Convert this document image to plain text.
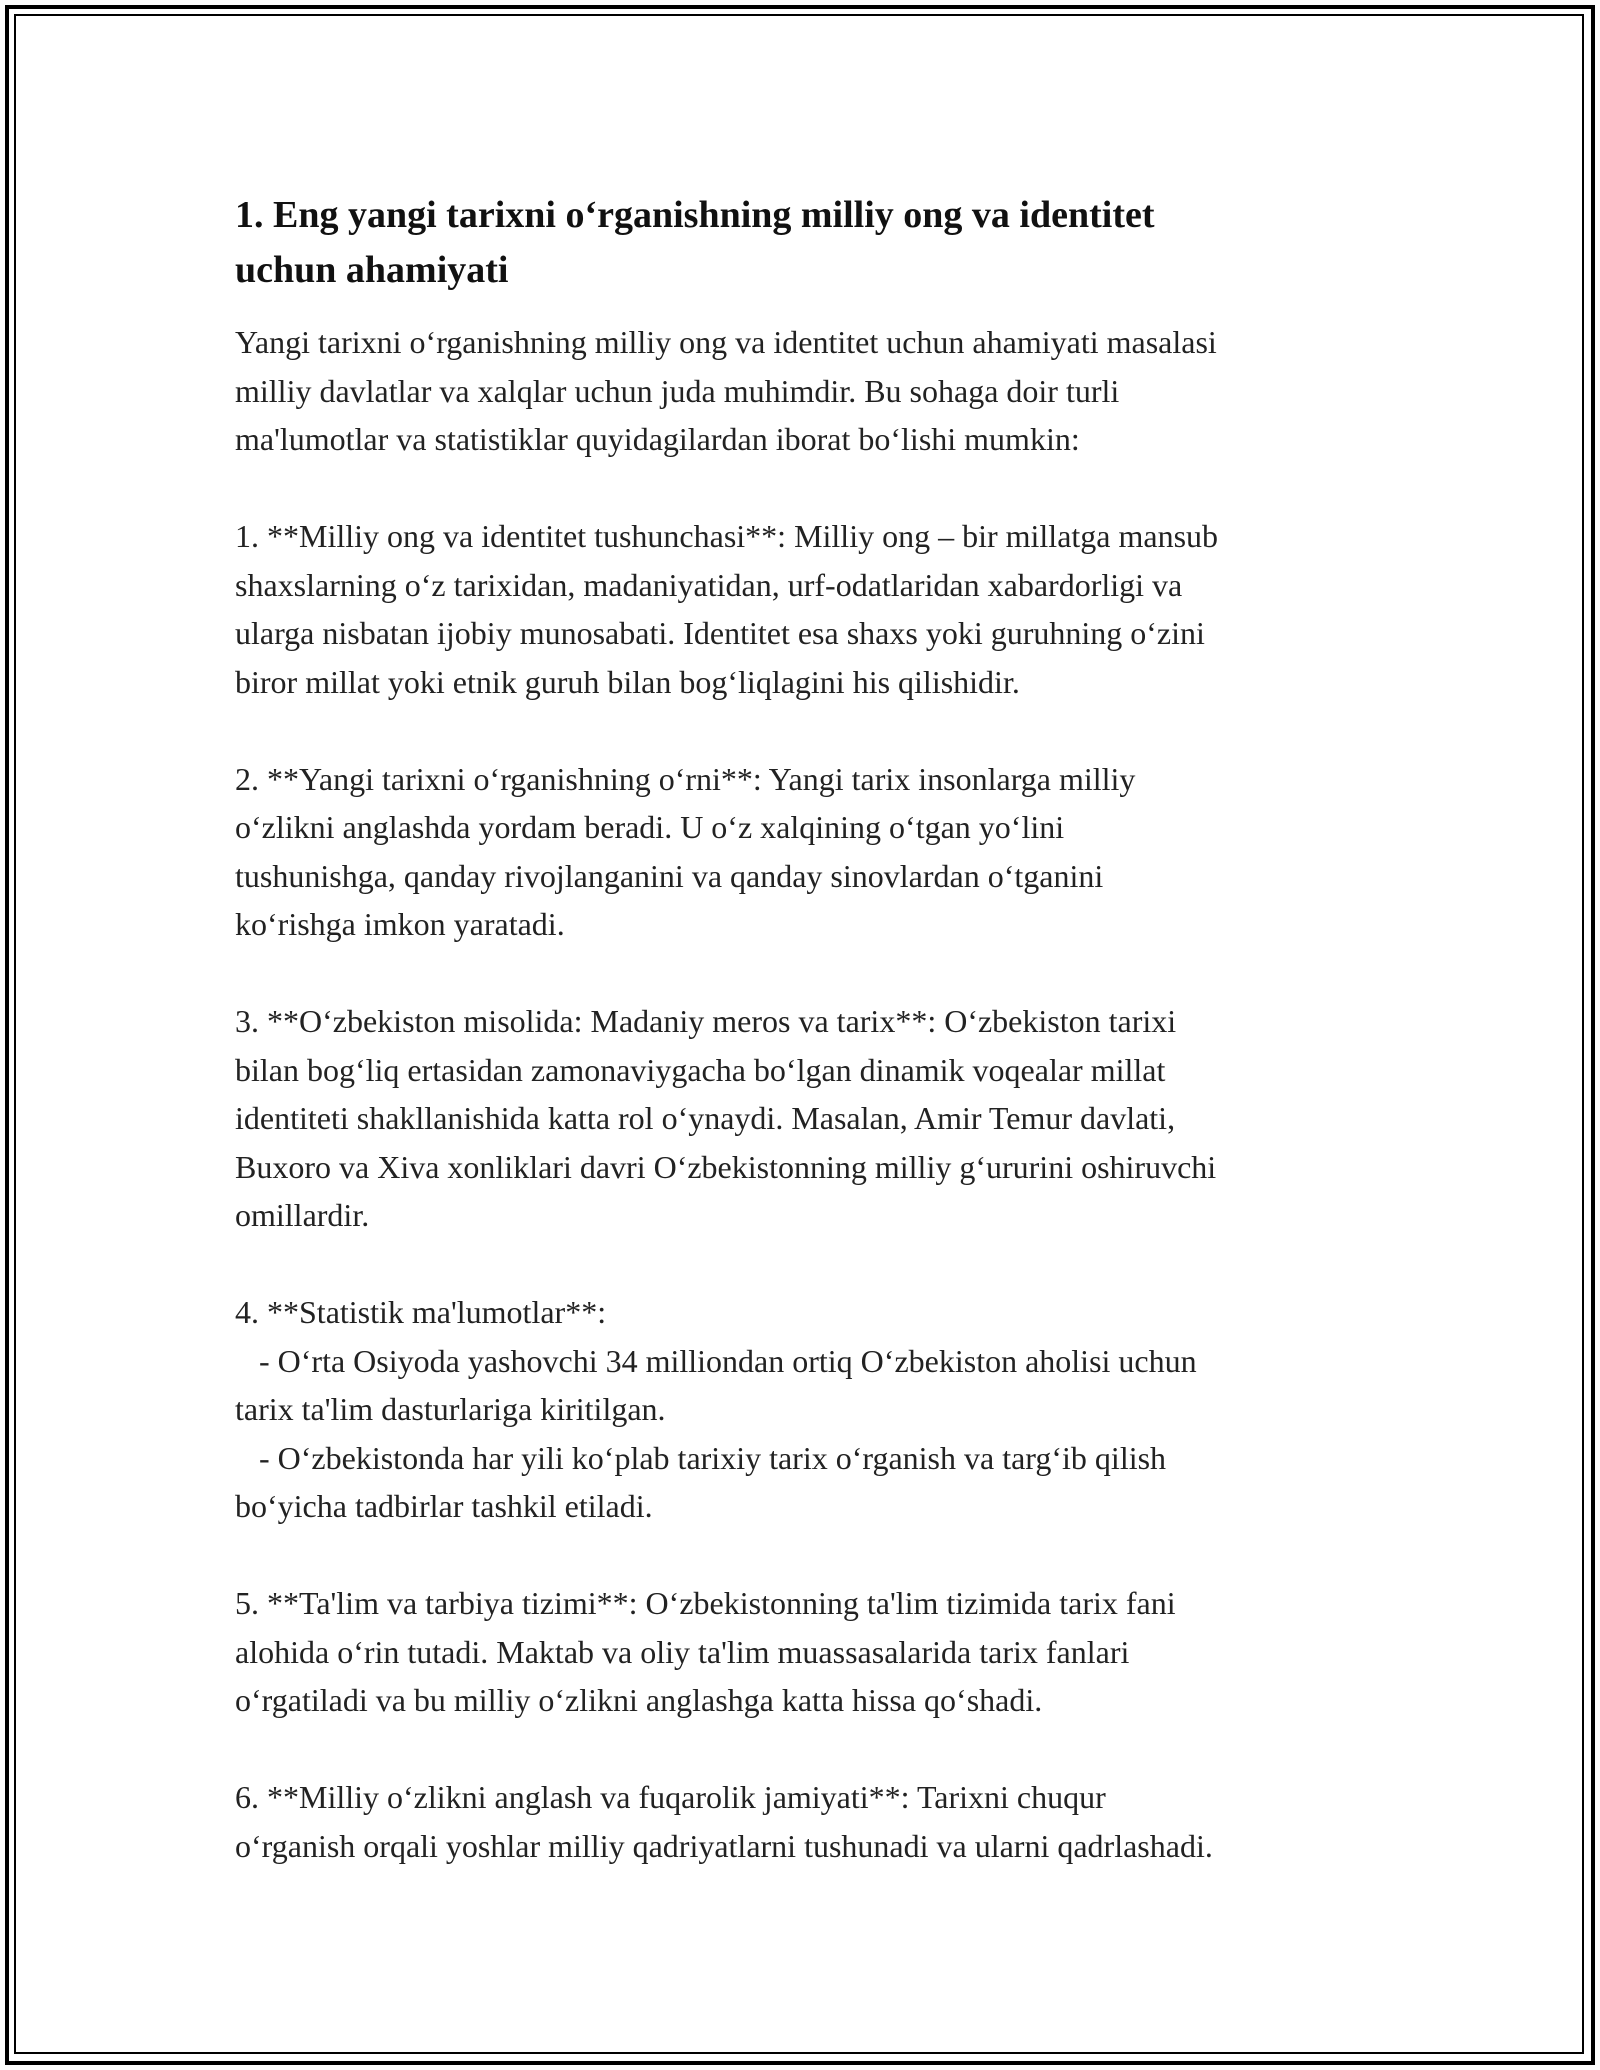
1. Eng yangi tarixni o‘rganishning milliy ong va identitet
uchun ahamiyati
Yangi tarixni o‘rganishning milliy ong va identitet uchun ahamiyati masalasi
milliy davlatlar va xalqlar uchun juda muhimdir. Bu sohaga doir turli
ma'lumotlar va statistiklar quyidagilardan iborat bo‘lishi mumkin:
1. **Milliy ong va identitet tushunchasi**: Milliy ong – bir millatga mansub
shaxslarning o‘z tarixidan, madaniyatidan, urf-odatlaridan xabardorligi va
ularga nisbatan ijobiy munosabati. Identitet esa shaxs yoki guruhning o‘zini
biror millat yoki etnik guruh bilan bog‘liqlagini his qilishidir.
2. **Yangi tarixni o‘rganishning o‘rni**: Yangi tarix insonlarga milliy
o‘zlikni anglashda yordam beradi. U o‘z xalqining o‘tgan yo‘lini
tushunishga, qanday rivojlanganini va qanday sinovlardan o‘tganini
ko‘rishga imkon yaratadi.
3. **O‘zbekiston misolida: Madaniy meros va tarix**: O‘zbekiston tarixi
bilan bog‘liq ertasidan zamonaviygacha bo‘lgan dinamik voqealar millat
identiteti shakllanishida katta rol o‘ynaydi. Masalan, Amir Temur davlati,
Buxoro va Xiva xonliklari davri O‘zbekistonning milliy g‘ururini oshiruvchi
omillardir.
4. **Statistik ma'lumotlar**:
- O‘rta Osiyoda yashovchi 34 milliondan ortiq O‘zbekiston aholisi uchun
tarix ta'lim dasturlariga kiritilgan.
- O‘zbekistonda har yili ko‘plab tarixiy tarix o‘rganish va targ‘ib qilish
bo‘yicha tadbirlar tashkil etiladi.
5. **Ta'lim va tarbiya tizimi**: O‘zbekistonning ta'lim tizimida tarix fani
alohida o‘rin tutadi. Maktab va oliy ta'lim muassasalarida tarix fanlari
o‘rgatiladi va bu milliy o‘zlikni anglashga katta hissa qo‘shadi.
6. **Milliy o‘zlikni anglash va fuqarolik jamiyati**: Tarixni chuqur
o‘rganish orqali yoshlar milliy qadriyatlarni tushunadi va ularni qadrlashadi.
